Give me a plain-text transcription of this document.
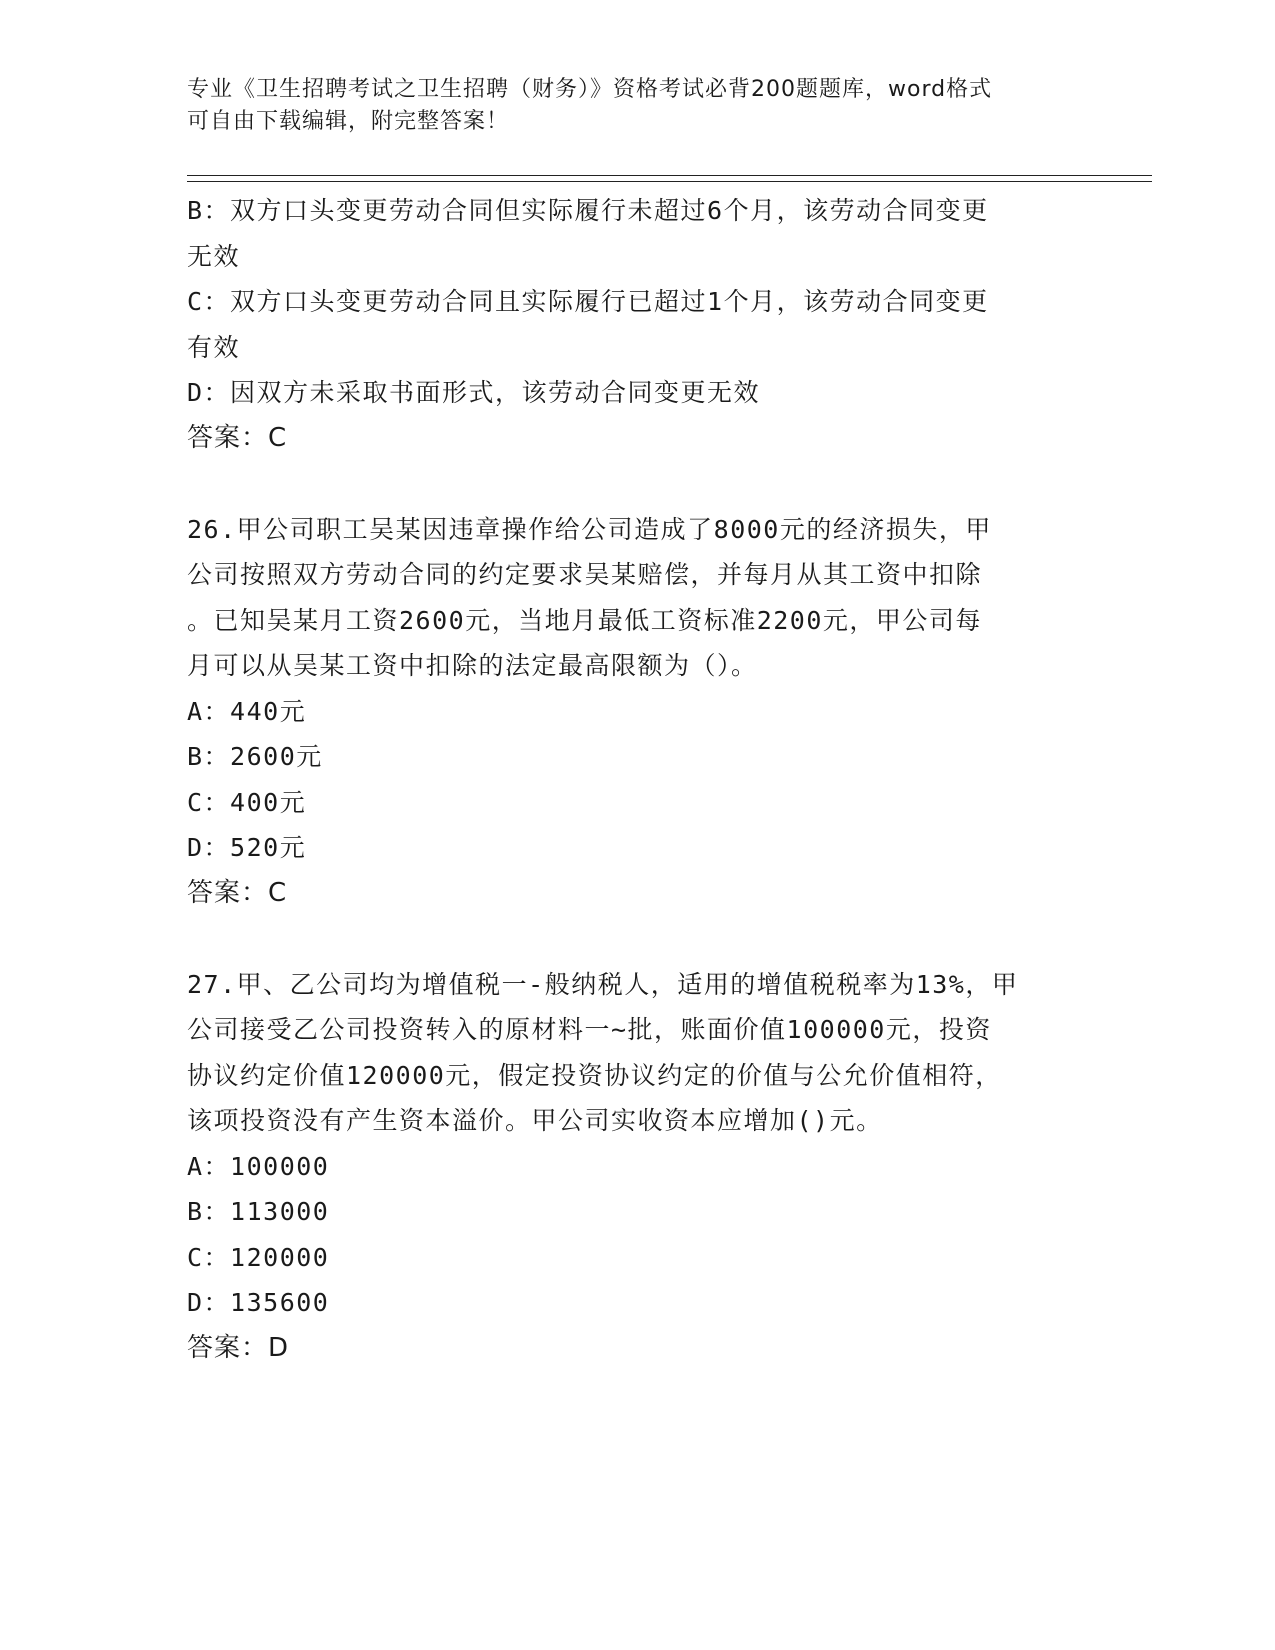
专业《卫生招聘考试之卫生招聘（财务）》资格考试必背200题题库，word格式
可自由下载编辑，附完整答案！
B：双方口头变更劳动合同但实际履行未超过6个月，该劳动合同变更
无效
C：双方口头变更劳动合同且实际履行已超过1个月，该劳动合同变更
有效
D：因双方未采取书面形式，该劳动合同变更无效
答案：C
26.甲公司职工吴某因违章操作给公司造成了8000元的经济损失，甲
公司按照双方劳动合同的约定要求吴某赔偿，并每月从其工资中扣除
。已知吴某月工资2600元，当地月最低工资标准2200元，甲公司每
月可以从吴某工资中扣除的法定最高限额为（）。
A：440元
B：2600元
C：400元
D：520元
答案：C
27.甲、乙公司均为增值税一-般纳税人，适用的增值税税率为13%，甲
公司接受乙公司投资转入的原材料一~批，账面价值100000元，投资
协议约定价值120000元，假定投资协议约定的价值与公允价值相符，
该项投资没有产生资本溢价。甲公司实收资本应增加()元。
A：100000
B：113000
C：120000
D：135600
答案：D
